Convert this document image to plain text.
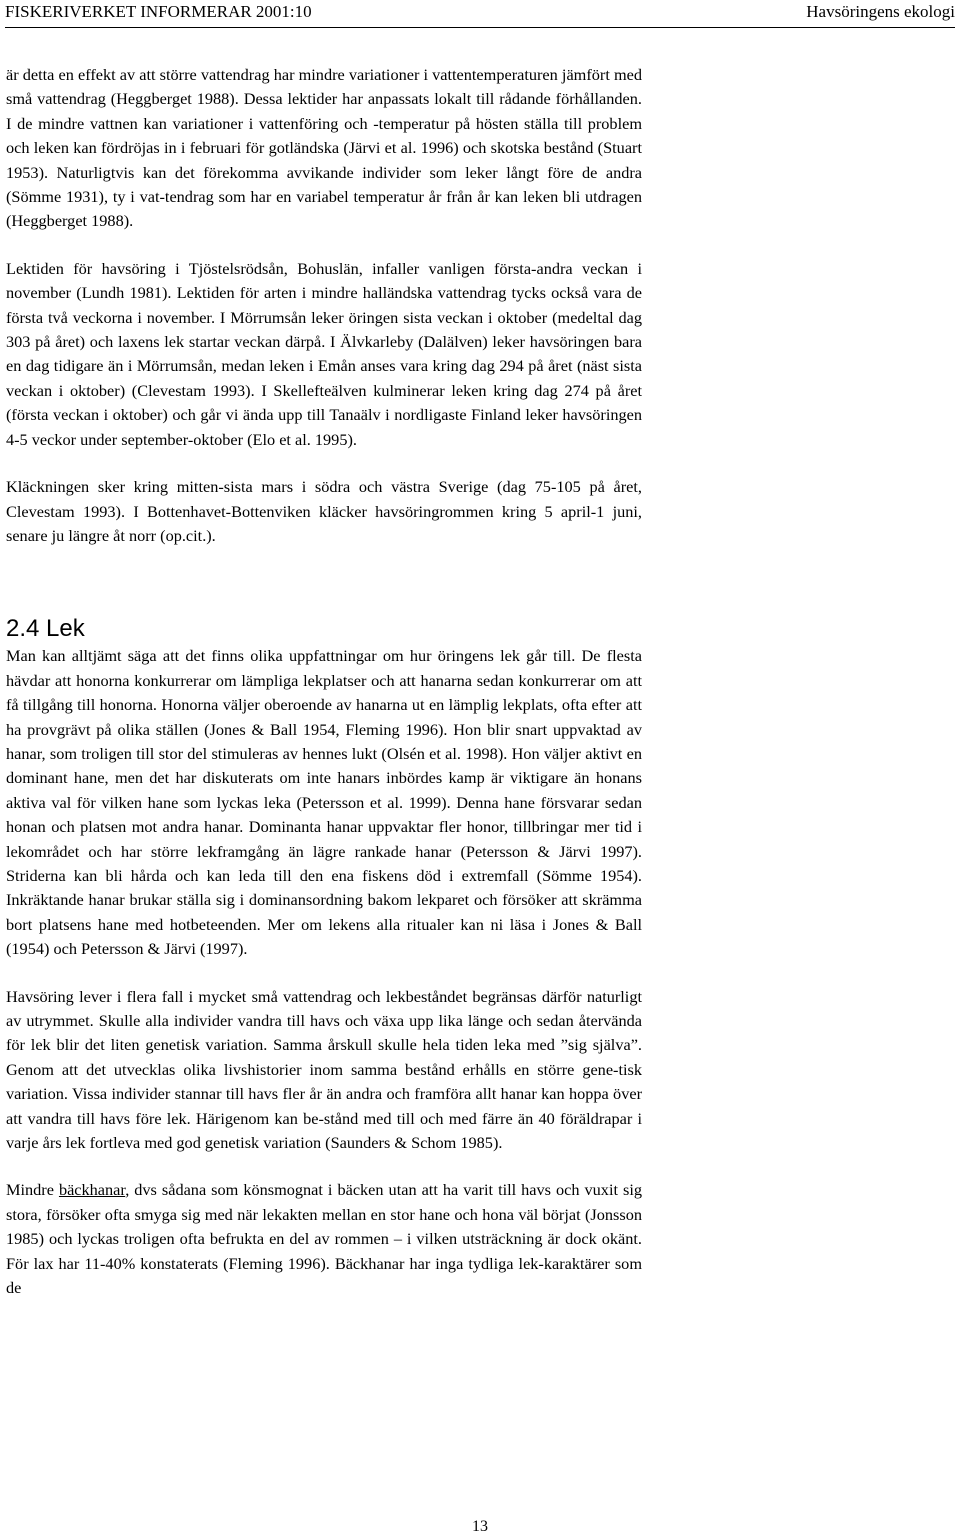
FISKERIVERKET INFORMERAR 2001:10	Havsöringens ekologi

är detta en effekt av att större vattendrag har mindre variationer i vattentemperaturen jämfört med små vattendrag (Heggberget 1988). Dessa lektider har anpassats lokalt till rådande förhållanden. I de mindre vattnen kan variationer i vattenföring och -temperatur på hösten ställa till problem och leken kan fördröjas in i februari för gotländska (Järvi et al. 1996) och skotska bestånd (Stuart 1953). Naturligtvis kan det förekomma avvikande individer som leker långt före de andra (Sömme 1931), ty i vat-tendrag som har en variabel temperatur år från år kan leken bli utdragen (Heggberget 1988).

Lektiden för havsöring i Tjöstelsrödsån, Bohuslän, infaller vanligen första-andra veckan i november (Lundh 1981). Lektiden för arten i mindre halländska vattendrag tycks också vara de första två veckorna i november. I Mörrumsån leker öringen sista veckan i oktober (medeltal dag 303 på året) och laxens lek startar veckan därpå. I Älvkarleby (Dalälven) leker havsöringen bara en dag tidigare än i Mörrumsån, medan leken i Emån anses vara kring dag 294 på året (näst sista veckan i oktober) (Clevestam 1993). I Skellefteälven kulminerar leken kring dag 274 på året (första veckan i oktober) och går vi ända upp till Tanaälv i nordligaste Finland leker havsöringen 4-5 veckor under september-oktober (Elo et al. 1995).

Kläckningen sker kring mitten-sista mars i södra och västra Sverige (dag 75-105 på året, Clevestam 1993). I Bottenhavet-Bottenviken kläcker havsöringrommen kring 5 april-1 juni, senare ju längre åt norr (op.cit.).

2.4 Lek

Man kan alltjämt säga att det finns olika uppfattningar om hur öringens lek går till. De flesta hävdar att honorna konkurrerar om lämpliga lekplatser och att hanarna sedan konkurrerar om att få tillgång till honorna. Honorna väljer oberoende av hanarna ut en lämplig lekplats, ofta efter att ha provgrävt på olika ställen (Jones & Ball 1954, Fleming 1996). Hon blir snart uppvaktad av hanar, som troligen till stor del stimuleras av hennes lukt (Olsén et al. 1998). Hon väljer aktivt en dominant hane, men det har diskuterats om inte hanars inbördes kamp är viktigare än honans aktiva val för vilken hane som lyckas leka (Petersson et al. 1999). Denna hane försvarar sedan honan och platsen mot andra hanar. Dominanta hanar uppvaktar fler honor, tillbringar mer tid i lekområdet och har större lekframgång än lägre rankade hanar (Petersson & Järvi 1997). Striderna kan bli hårda och kan leda till den ena fiskens död i extremfall (Sömme 1954). Inkräktande hanar brukar ställa sig i dominansordning bakom lekparet och försöker att skrämma bort platsens hane med hotbeteenden. Mer om lekens alla ritualer kan ni läsa i Jones & Ball (1954) och Petersson & Järvi (1997).

Havsöring lever i flera fall i mycket små vattendrag och lekbeståndet begränsas därför naturligt av utrymmet. Skulle alla individer vandra till havs och växa upp lika länge och sedan återvända för lek blir det liten genetisk variation. Samma årskull skulle hela tiden leka med ”sig själva”. Genom att det utvecklas olika livshistorier inom samma bestånd erhålls en större gene-tisk variation. Vissa individer stannar till havs fler år än andra och framföra allt hanar kan hoppa över att vandra till havs före lek. Härigenom kan be-stånd med till och med färre än 40 föräldrapar i varje års lek fortleva med god genetisk variation (Saunders & Schom 1985).

Mindre bäckhanar, dvs sådana som könsmognat i bäcken utan att ha varit till havs och vuxit sig stora, försöker ofta smyga sig med när lekakten mellan en stor hane och hona väl börjat (Jonsson 1985) och lyckas troligen ofta befrukta en del av rommen – i vilken utsträckning är dock okänt. För lax har 11-40% konstaterats (Fleming 1996). Bäckhanar har inga tydliga lek-karaktärer som de

13
